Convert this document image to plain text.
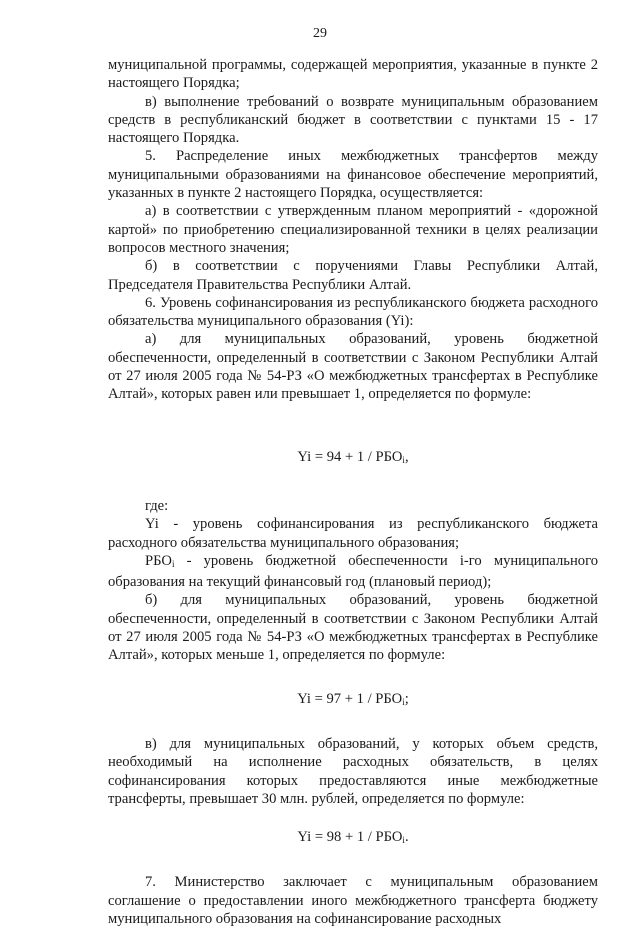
29

муниципальной программы, содержащей мероприятия, указанные в пункте 2 настоящего Порядка;

в) выполнение требований о возврате муниципальным образованием средств в республиканский бюджет в соответствии с пунктами 15 - 17 настоящего Порядка.

5. Распределение иных межбюджетных трансфертов между муниципальными образованиями на финансовое обеспечение мероприятий, указанных в пункте 2 настоящего Порядка, осуществляется:

а) в соответствии с утвержденным планом мероприятий - «дорожной картой» по приобретению специализированной техники в целях реализации вопросов местного значения;

б) в соответствии с поручениями Главы Республики Алтай, Председателя Правительства Республики Алтай.

6. Уровень софинансирования из республиканского бюджета расходного обязательства муниципального образования (Yi):

а) для муниципальных образований, уровень бюджетной обеспеченности, определенный в соответствии с Законом Республики Алтай от 27 июля 2005 года № 54-РЗ «О межбюджетных трансфертах в Республике Алтай», которых равен или превышает 1, определяется по формуле:

$Yi = 94 + 1 / РБО_i$,

где:

Yi - уровень софинансирования из республиканского бюджета расходного обязательства муниципального образования;

$РБО_i$ - уровень бюджетной обеспеченности i-го муниципального образования на текущий финансовый год (плановый период);

б) для муниципальных образований, уровень бюджетной обеспеченности, определенный в соответствии с Законом Республики Алтай от 27 июля 2005 года № 54-РЗ «О межбюджетных трансфертах в Республике Алтай», которых меньше 1, определяется по формуле:

$Yi = 97 + 1 / РБО_i$;

в) для муниципальных образований, у которых объем средств, необходимый на исполнение расходных обязательств, в целях софинансирования которых предоставляются иные межбюджетные трансферты, превышает 30 млн. рублей, определяется по формуле:

$Yi = 98 + 1 / РБО_i$.

7. Министерство заключает с муниципальным образованием соглашение о предоставлении иного межбюджетного трансферта бюджету муниципального образования на софинансирование расходных
